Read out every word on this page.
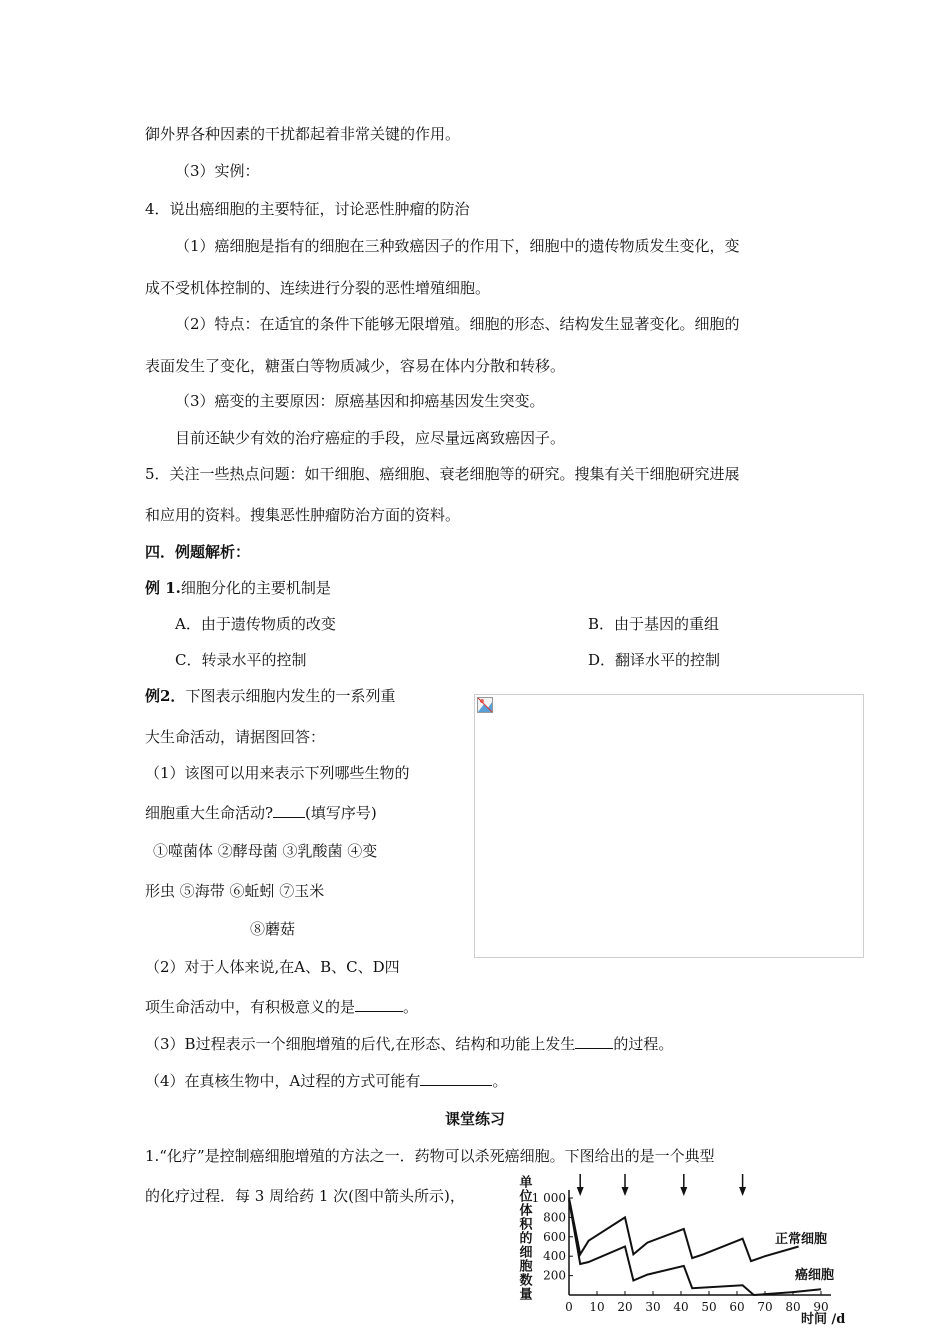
御外界各种因素的干扰都起着非常关键的作用。
（3）实例：
4．说出癌细胞的主要特征，讨论恶性肿瘤的防治
（1）癌细胞是指有的细胞在三种致癌因子的作用下，细胞中的遗传物质发生变化，变
成不受机体控制的、连续进行分裂的恶性增殖细胞。
（2）特点：在适宜的条件下能够无限增殖。细胞的形态、结构发生显著变化。细胞的
表面发生了变化，糖蛋白等物质减少，容易在体内分散和转移。
（3）癌变的主要原因：原癌基因和抑癌基因发生突变。
目前还缺少有效的治疗癌症的手段，应尽量远离致癌因子。
5．关注一些热点问题：如干细胞、癌细胞、衰老细胞等的研究。搜集有关干细胞研究进展
和应用的资料。搜集恶性肿瘤防治方面的资料。
四．例题解析：
例 1.细胞分化的主要机制是
A．由于遗传物质的改变	B．由于基因的重组
C．转录水平的控制	D．翻译水平的控制
例2．下图表示细胞内发生的一系列重
大生命活动，请据图回答：
（1）该图可以用来表示下列哪些生物的
细胞重大生命活动? (填写序号)
①噬菌体 ②酵母菌 ③乳酸菌 ④变
形虫 ⑤海带 ⑥蚯蚓 ⑦玉米
⑧蘑菇
（2）对于人体来说,在A、B、C、D四
项生命活动中，有积极意义的是	。
（3）B过程表示一个细胞增殖的后代,在形态、结构和功能上发生	的过程。
（4）在真核生物中，A过程的方式可能有	。
课堂练习
1.“化疗”是控制癌细胞增殖的方法之一．药物可以杀死癌细胞。下图给出的是一个典型
的化疗过程．每 3 周给药 1 次(图中箭头所示)，	单位体积的细胞数量 1 000
800
600
400
200
0 10 20 30 40 50 60 70 80 90
正常细胞
癌细胞
时间 /d
